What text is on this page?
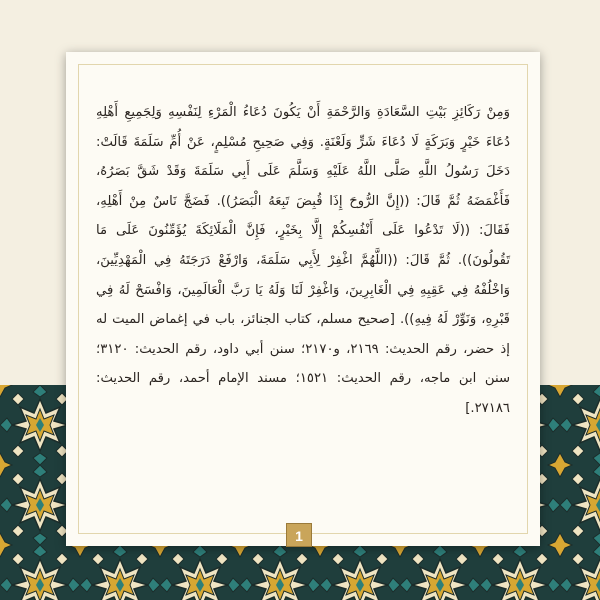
وَمِنْ رَكَائِزِ بَيْتِ السَّعَادَةِ وَالرَّحْمَةِ أَنْ يَكُونَ دُعَاءُ الْمَرْءِ لِنَفْسِهِ وَلِجَمِيعِ أَهْلِهِ دُعَاءَ خَيْرٍ وَبَرَكَةٍ لَا دُعَاءَ شَرٍّ وَلَعْنَةٍ. وَفِي صَحِيحِ مُسْلِمٍ، عَنْ أُمِّ سَلَمَةَ قَالَتْ: دَخَلَ رَسُولُ اللَّهِ صَلَّى اللَّهُ عَلَيْهِ وَسَلَّمَ عَلَى أَبِي سَلَمَةَ وَقَدْ شَقَّ بَصَرُهُ، فَأَغْمَضَهُ ثُمَّ قَالَ: ((إِنَّ الرُّوحَ إِذَا قُبِضَ تَبِعَهُ الْبَصَرُ)). فَضَجَّ نَاسٌ مِنْ أَهْلِهِ، فَقَالَ: ((لَا تَدْعُوا عَلَى أَنْفُسِكُمْ إِلَّا بِخَيْرٍ، فَإِنَّ الْمَلَائِكَةَ يُؤَمِّنُونَ عَلَى مَا تَقُولُونَ)). ثُمَّ قَالَ: ((اللَّهُمَّ اغْفِرْ لِأَبِي سَلَمَةَ، وَارْفَعْ دَرَجَتَهُ فِي الْمَهْدِيِّينَ، وَاخْلُفْهُ فِي عَقِبِهِ فِي الْغَابِرِينَ، وَاغْفِرْ لَنَا وَلَهُ يَا رَبَّ الْعَالَمِينَ، وَافْسَحْ لَهُ فِي قَبْرِهِ، وَنَوِّرْ لَهُ فِيهِ)). [صحيح مسلم، كتاب الجنائز، باب في إغماض الميت له إذ حضر، رقم الحديث: ٢١٦٩، و٢١٧٠؛ سنن أبي داود، رقم الحديث: ٣١٢٠؛ سنن ابن ماجه، رقم الحديث: ١٥٢١؛ مسند الإمام أحمد، رقم الحديث: ٢٧١٨٦.]

1
